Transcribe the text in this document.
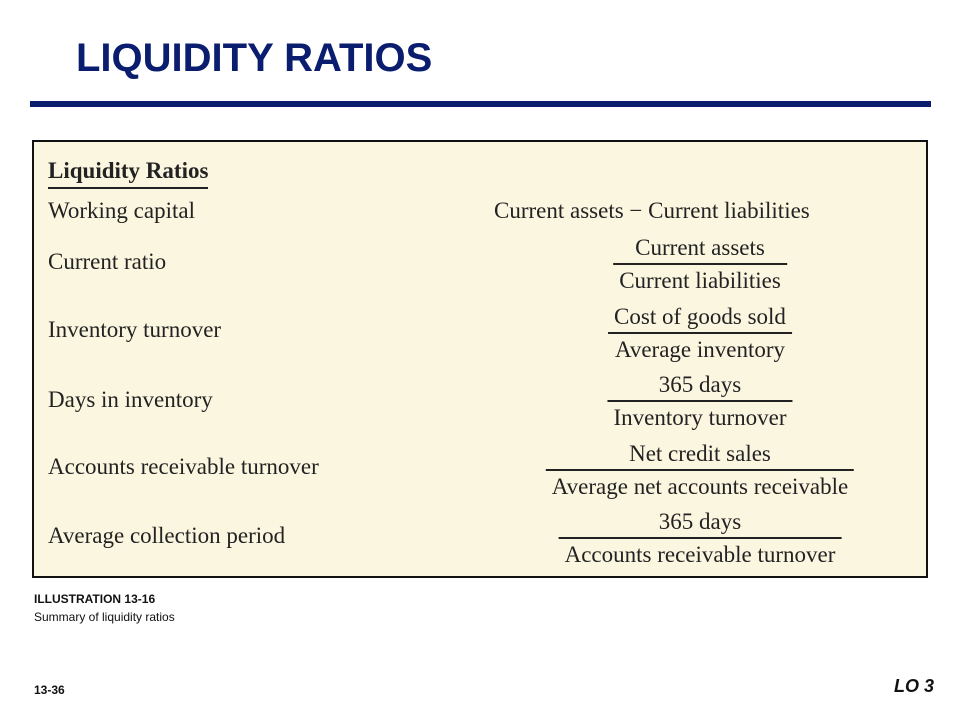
LIQUIDITY RATIOS
Liquidity Ratios
Working capital	Current assets − Current liabilities
Current ratio
Current assets
Current liabilities
Inventory turnover
Cost of goods sold
Average inventory
Days in inventory
365 days
Inventory turnover
Accounts receivable turnover
Net credit sales
Average net accounts receivable
Average collection period
365 days
Accounts receivable turnover
ILLUSTRATION 13-16
Summary of liquidity ratios
13-36	LO 3
